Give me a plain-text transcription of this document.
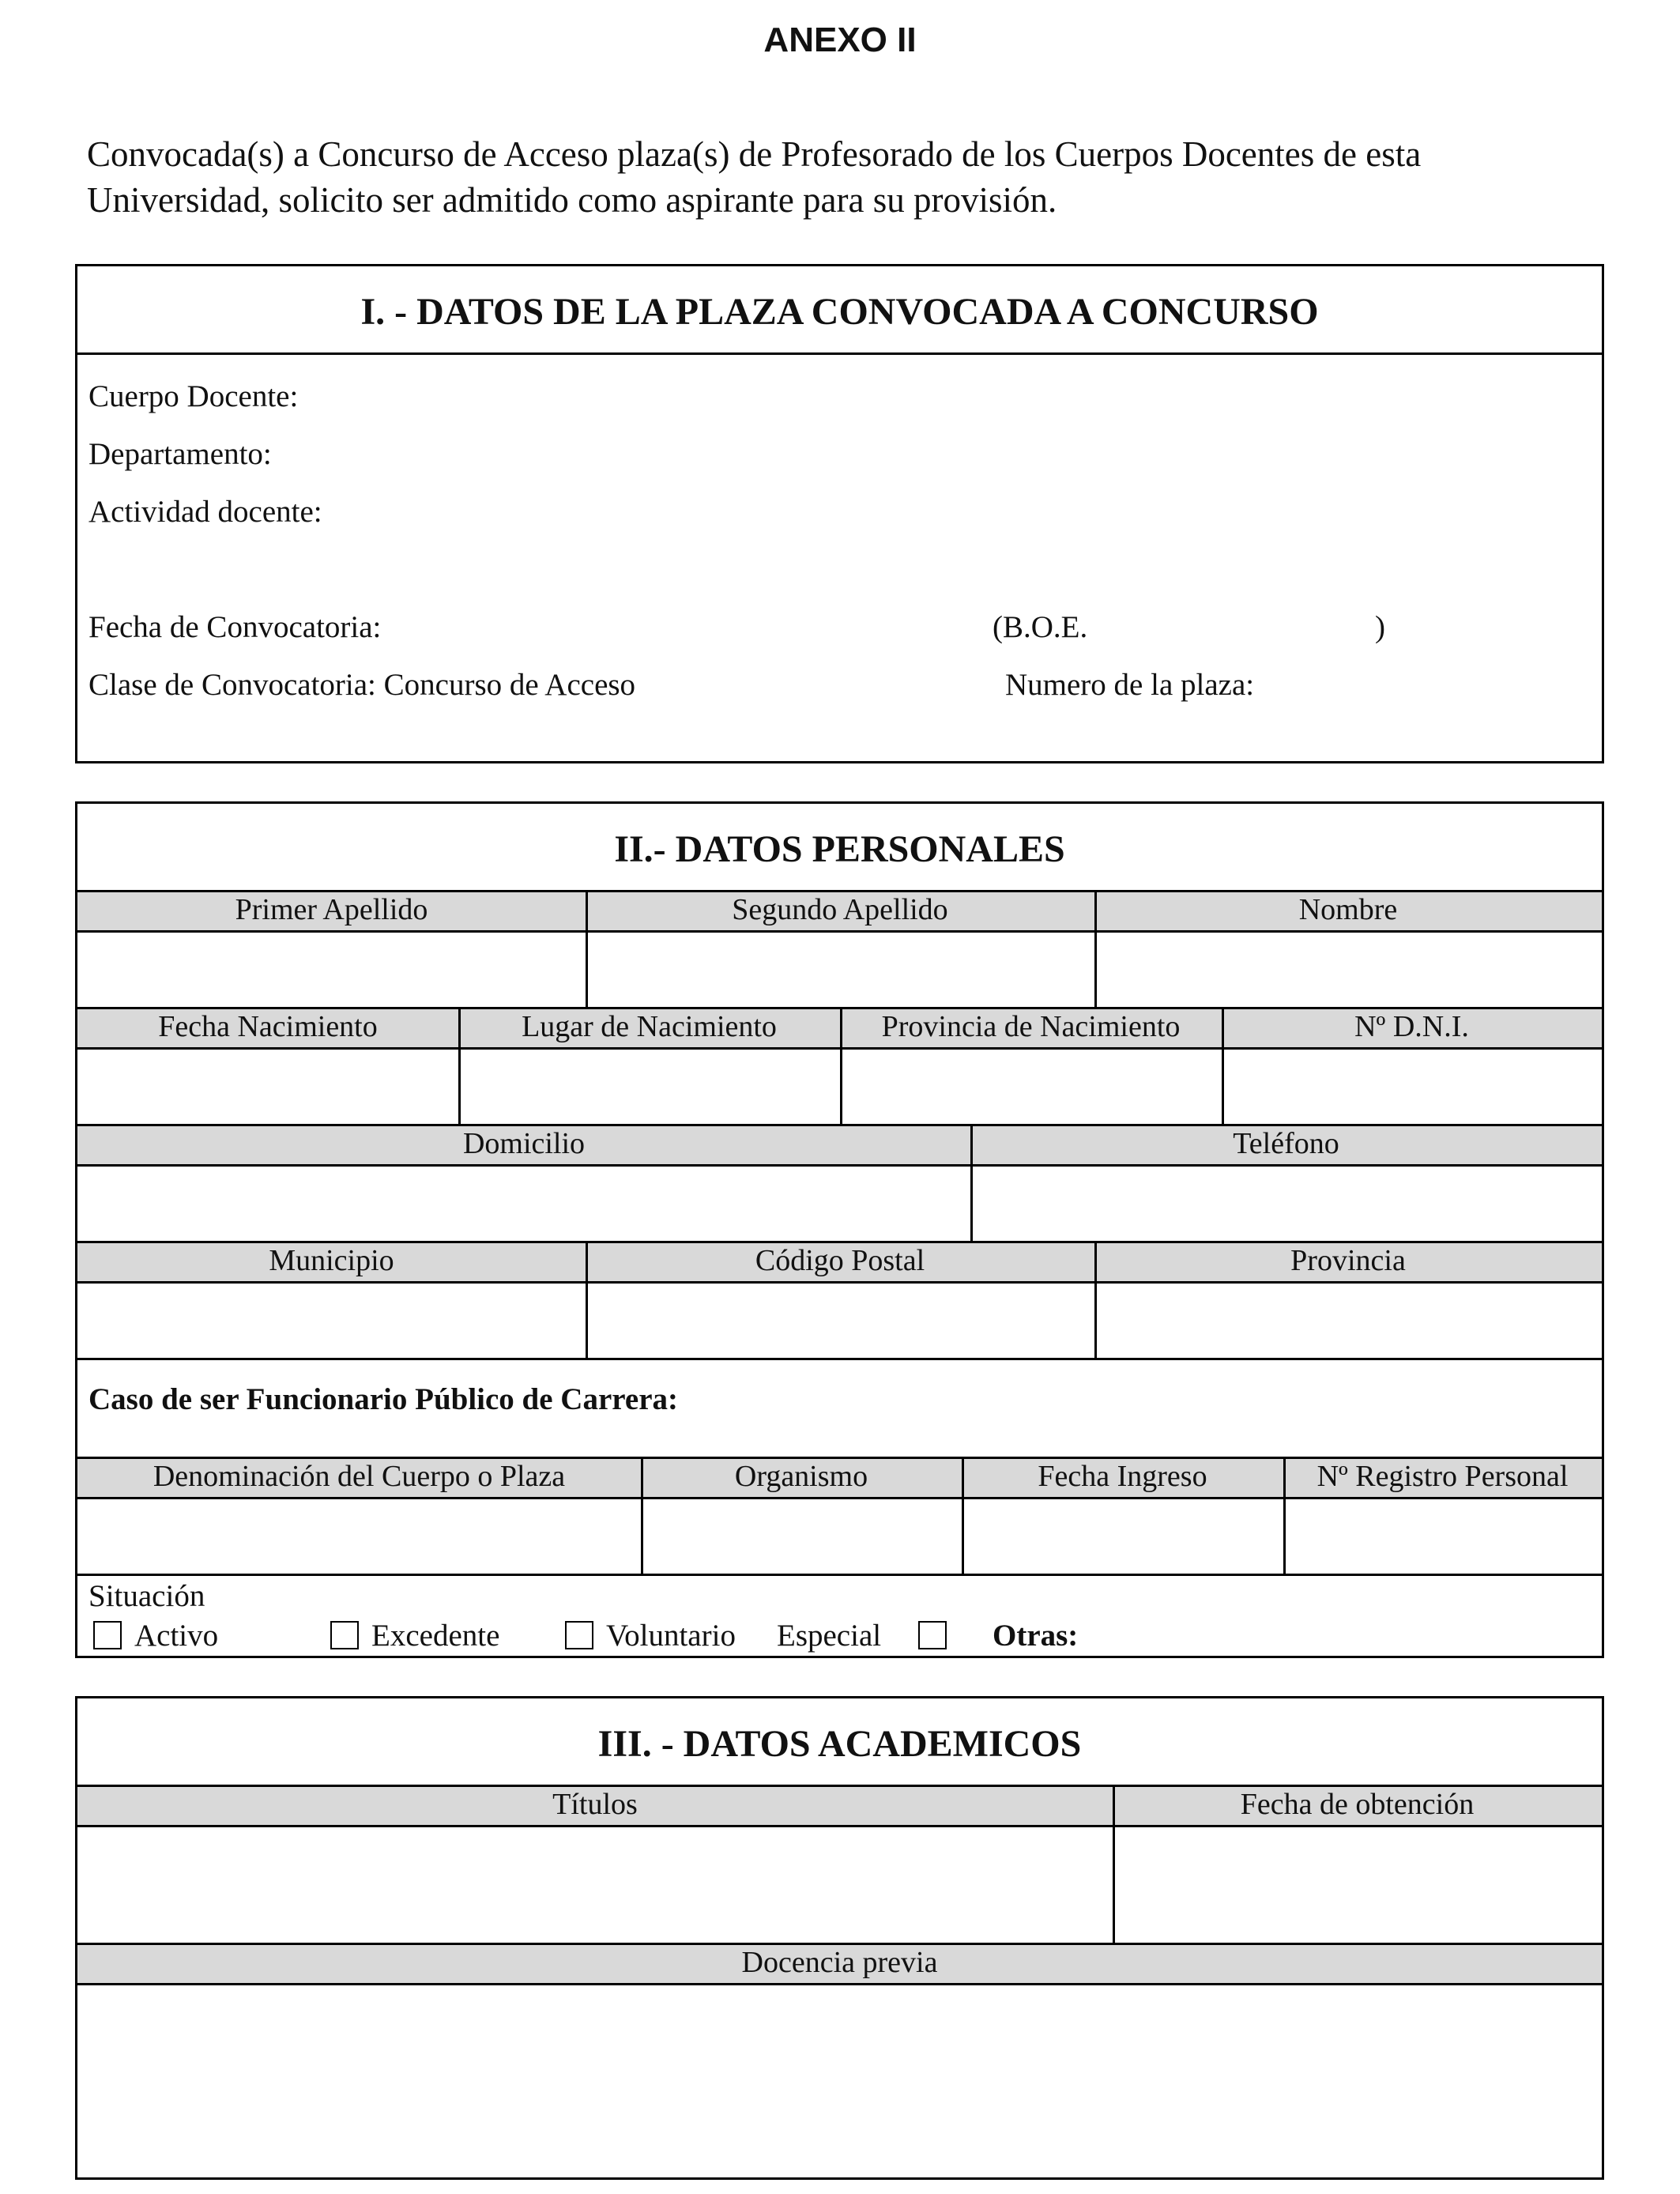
ANEXO II
Convocada(s) a Concurso de Acceso plaza(s) de Profesorado de los Cuerpos Docentes de esta
Universidad, solicito ser admitido como aspirante para su provisión.
I. - DATOS DE LA PLAZA CONVOCADA A CONCURSO
Cuerpo Docente:
Departamento:
Actividad docente:
Fecha de Convocatoria:	(B.O.E.	)
Clase de Convocatoria: Concurso de Acceso	Numero de la plaza:
II.- DATOS PERSONALES
Primer Apellido	Segundo Apellido	Nombre
Fecha Nacimiento	Lugar de Nacimiento	Provincia de Nacimiento	Nº D.N.I.
Domicilio	Teléfono
Municipio	Código Postal	Provincia
Caso de ser Funcionario Público de Carrera:
Denominación del Cuerpo o Plaza	Organismo	Fecha Ingreso	Nº Registro Personal
Situación
Activo	Excedente	Voluntario Especial	Otras:
III. - DATOS ACADEMICOS
Títulos	Fecha de obtención
Docencia previa
